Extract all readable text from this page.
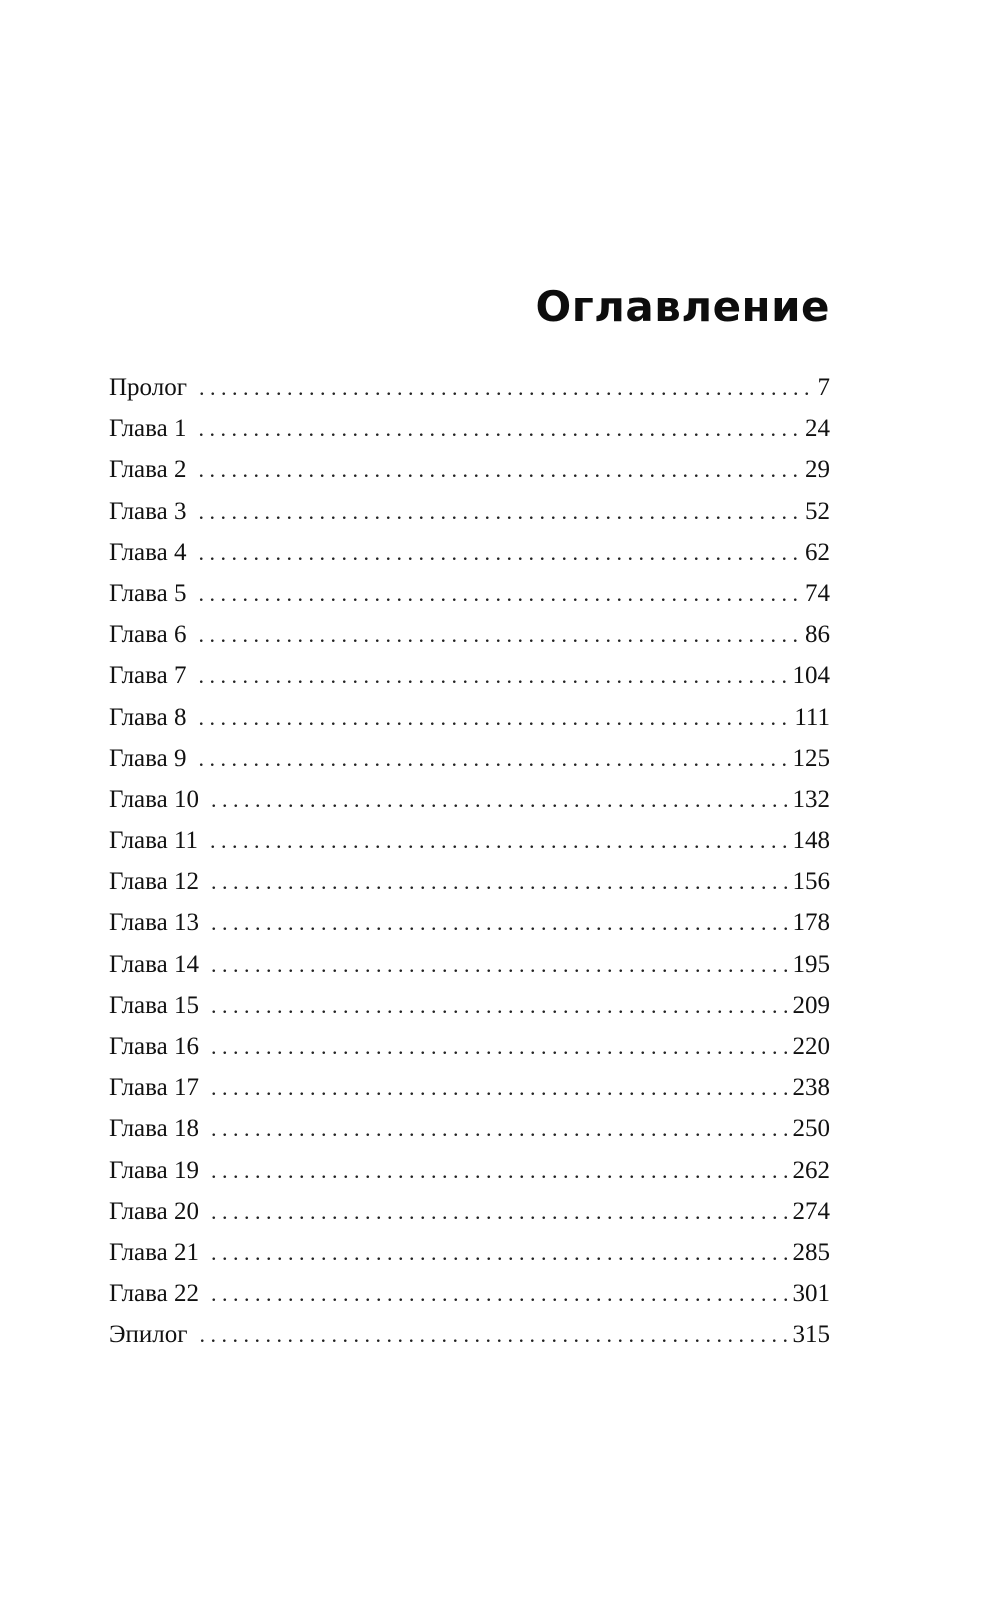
Оглавление
Пролог . . .	7
Глава 1 . . .	24
Глава 2 . . .	29
Глава 3 . . .	52
Глава 4 . . .	62
Глава 5 . . .	74
Глава 6 . . .	86
Глава 7 . . .	104
Глава 8 . . .	111
Глава 9 . . .	125
Глава 10 . . .	132
Глава 11 . . .	148
Глава 12 . . .	156
Глава 13 . . .	178
Глава 14 . . .	195
Глава 15 . . .	209
Глава 16 . . .	220
Глава 17 . . .	238
Глава 18 . . .	250
Глава 19 . . .	262
Глава 20 . . .	274
Глава 21 . . .	285
Глава 22 . . .	301
Эпилог . . .	315
